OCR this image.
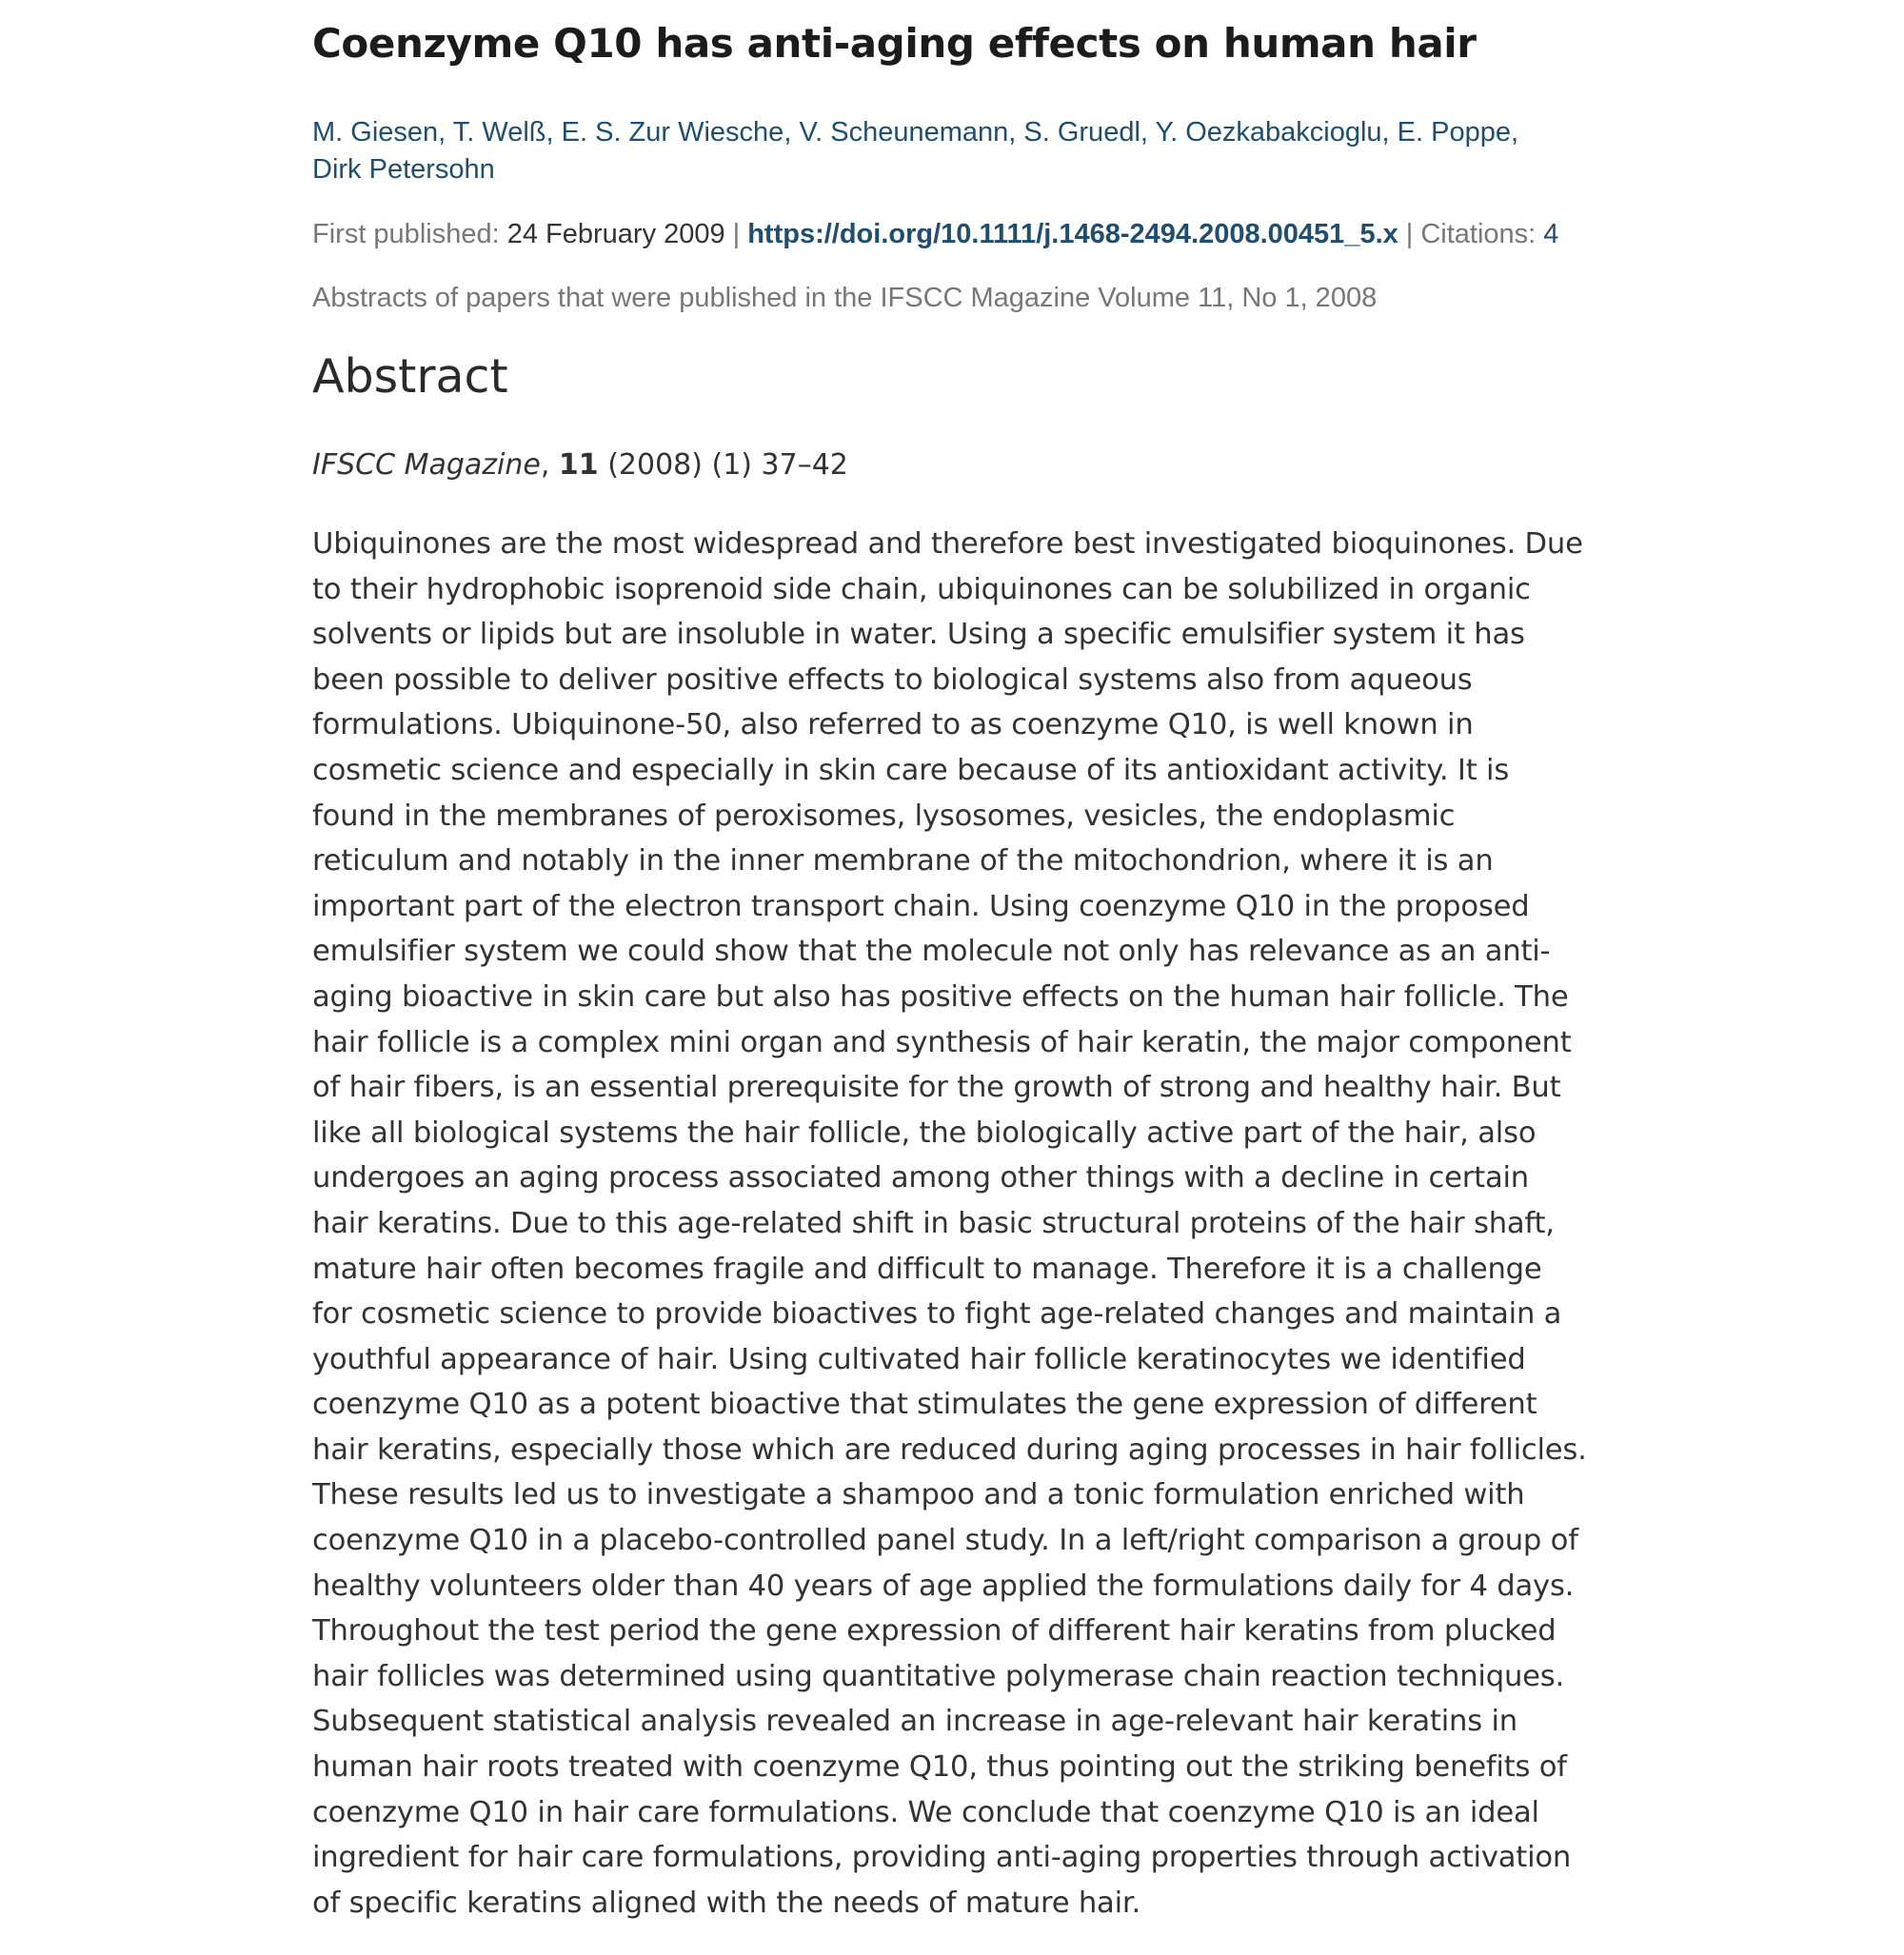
Coenzyme Q10 has anti-aging effects on human hair
M. Giesen, T. Welß, E. S. Zur Wiesche, V. Scheunemann, S. Gruedl, Y. Oezkabakcioglu, E. Poppe, Dirk Petersohn
First published: 24 February 2009 | https://doi.org/10.1111/j.1468-2494.2008.00451_5.x | Citations: 4
Abstracts of papers that were published in the IFSCC Magazine Volume 11, No 1, 2008
Abstract
IFSCC Magazine, 11 (2008) (1) 37–42

Ubiquinones are the most widespread and therefore best investigated bioquinones. Due to their hydrophobic isoprenoid side chain, ubiquinones can be solubilized in organic solvents or lipids but are insoluble in water. Using a specific emulsifier system it has been possible to deliver positive effects to biological systems also from aqueous formulations. Ubiquinone-50, also referred to as coenzyme Q10, is well known in cosmetic science and especially in skin care because of its antioxidant activity. It is found in the membranes of peroxisomes, lysosomes, vesicles, the endoplasmic reticulum and notably in the inner membrane of the mitochondrion, where it is an important part of the electron transport chain. Using coenzyme Q10 in the proposed emulsifier system we could show that the molecule not only has relevance as an anti-aging bioactive in skin care but also has positive effects on the human hair follicle. The hair follicle is a complex mini organ and synthesis of hair keratin, the major component of hair fibers, is an essential prerequisite for the growth of strong and healthy hair. But like all biological systems the hair follicle, the biologically active part of the hair, also undergoes an aging process associated among other things with a decline in certain hair keratins. Due to this age-related shift in basic structural proteins of the hair shaft, mature hair often becomes fragile and difficult to manage. Therefore it is a challenge for cosmetic science to provide bioactives to fight age-related changes and maintain a youthful appearance of hair. Using cultivated hair follicle keratinocytes we identified coenzyme Q10 as a potent bioactive that stimulates the gene expression of different hair keratins, especially those which are reduced during aging processes in hair follicles. These results led us to investigate a shampoo and a tonic formulation enriched with coenzyme Q10 in a placebo-controlled panel study. In a left/right comparison a group of healthy volunteers older than 40 years of age applied the formulations daily for 4 days. Throughout the test period the gene expression of different hair keratins from plucked hair follicles was determined using quantitative polymerase chain reaction techniques. Subsequent statistical analysis revealed an increase in age-relevant hair keratins in human hair roots treated with coenzyme Q10, thus pointing out the striking benefits of coenzyme Q10 in hair care formulations. We conclude that coenzyme Q10 is an ideal ingredient for hair care formulations, providing anti-aging properties through activation of specific keratins aligned with the needs of mature hair.
